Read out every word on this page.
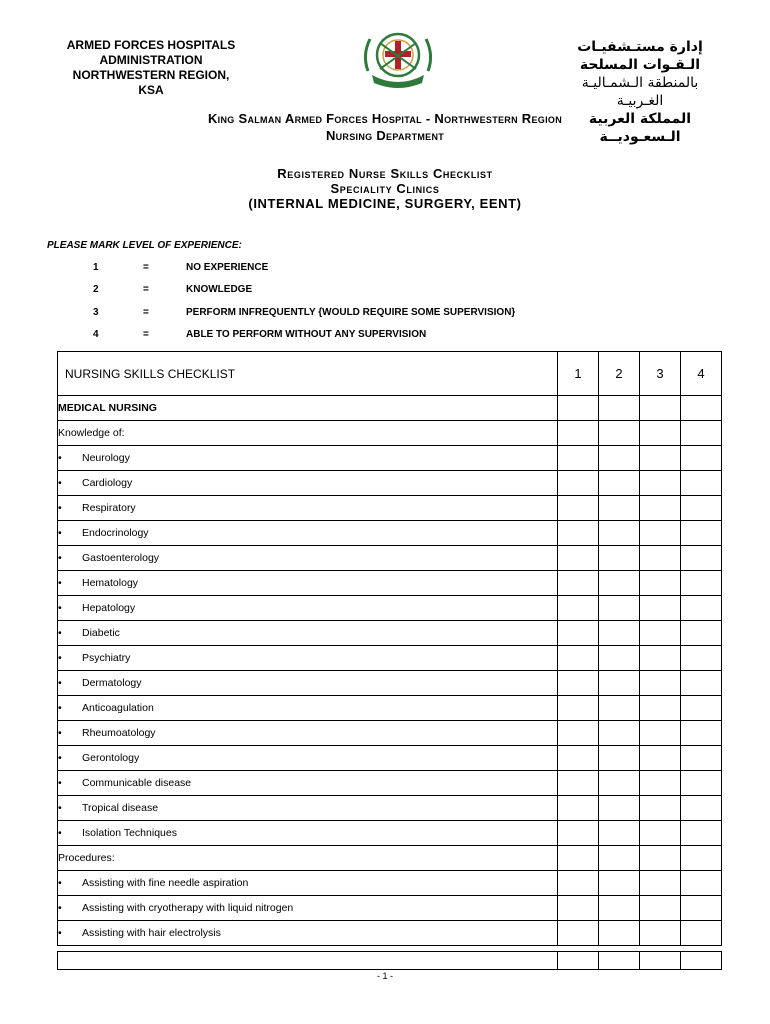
ARMED FORCES HOSPITALS
ADMINISTRATION
NORTHWESTERN REGION,
KSA
إدارة مستـشفيـات
الـقـوات المسلحة
بالمنطقة الـشمـاليـة
الغـربيـة
المملكة العربية
الـسعـوديــة
King Salman Armed Forces Hospital - Northwestern Region
Nursing Department
Registered Nurse Skills Checklist
Speciality Clinics
(INTERNAL MEDICINE, SURGERY, EENT)
PLEASE MARK LEVEL OF EXPERIENCE:
1	=	NO EXPERIENCE
2	=	KNOWLEDGE
3	=	PERFORM INFREQUENTLY {WOULD REQUIRE SOME SUPERVISION}
4	=	ABLE TO PERFORM WITHOUT ANY SUPERVISION
NURSING SKILLS CHECKLIST	1	2	3	4
MEDICAL NURSING				
Knowledge of:				
• Neurology				
• Cardiology				
• Respiratory				
• Endocrinology				
• Gastoenterology				
• Hematology				
• Hepatology				
• Diabetic				
• Psychiatry				
• Dermatology				
• Anticoagulation				
• Rheumoatology				
• Gerontology				
• Communicable disease				
• Tropical disease				
• Isolation Techniques				
Procedures:				
• Assisting with fine needle aspiration				
• Assisting with cryotherapy with liquid nitrogen				
• Assisting with hair electrolysis				

- 1 -
